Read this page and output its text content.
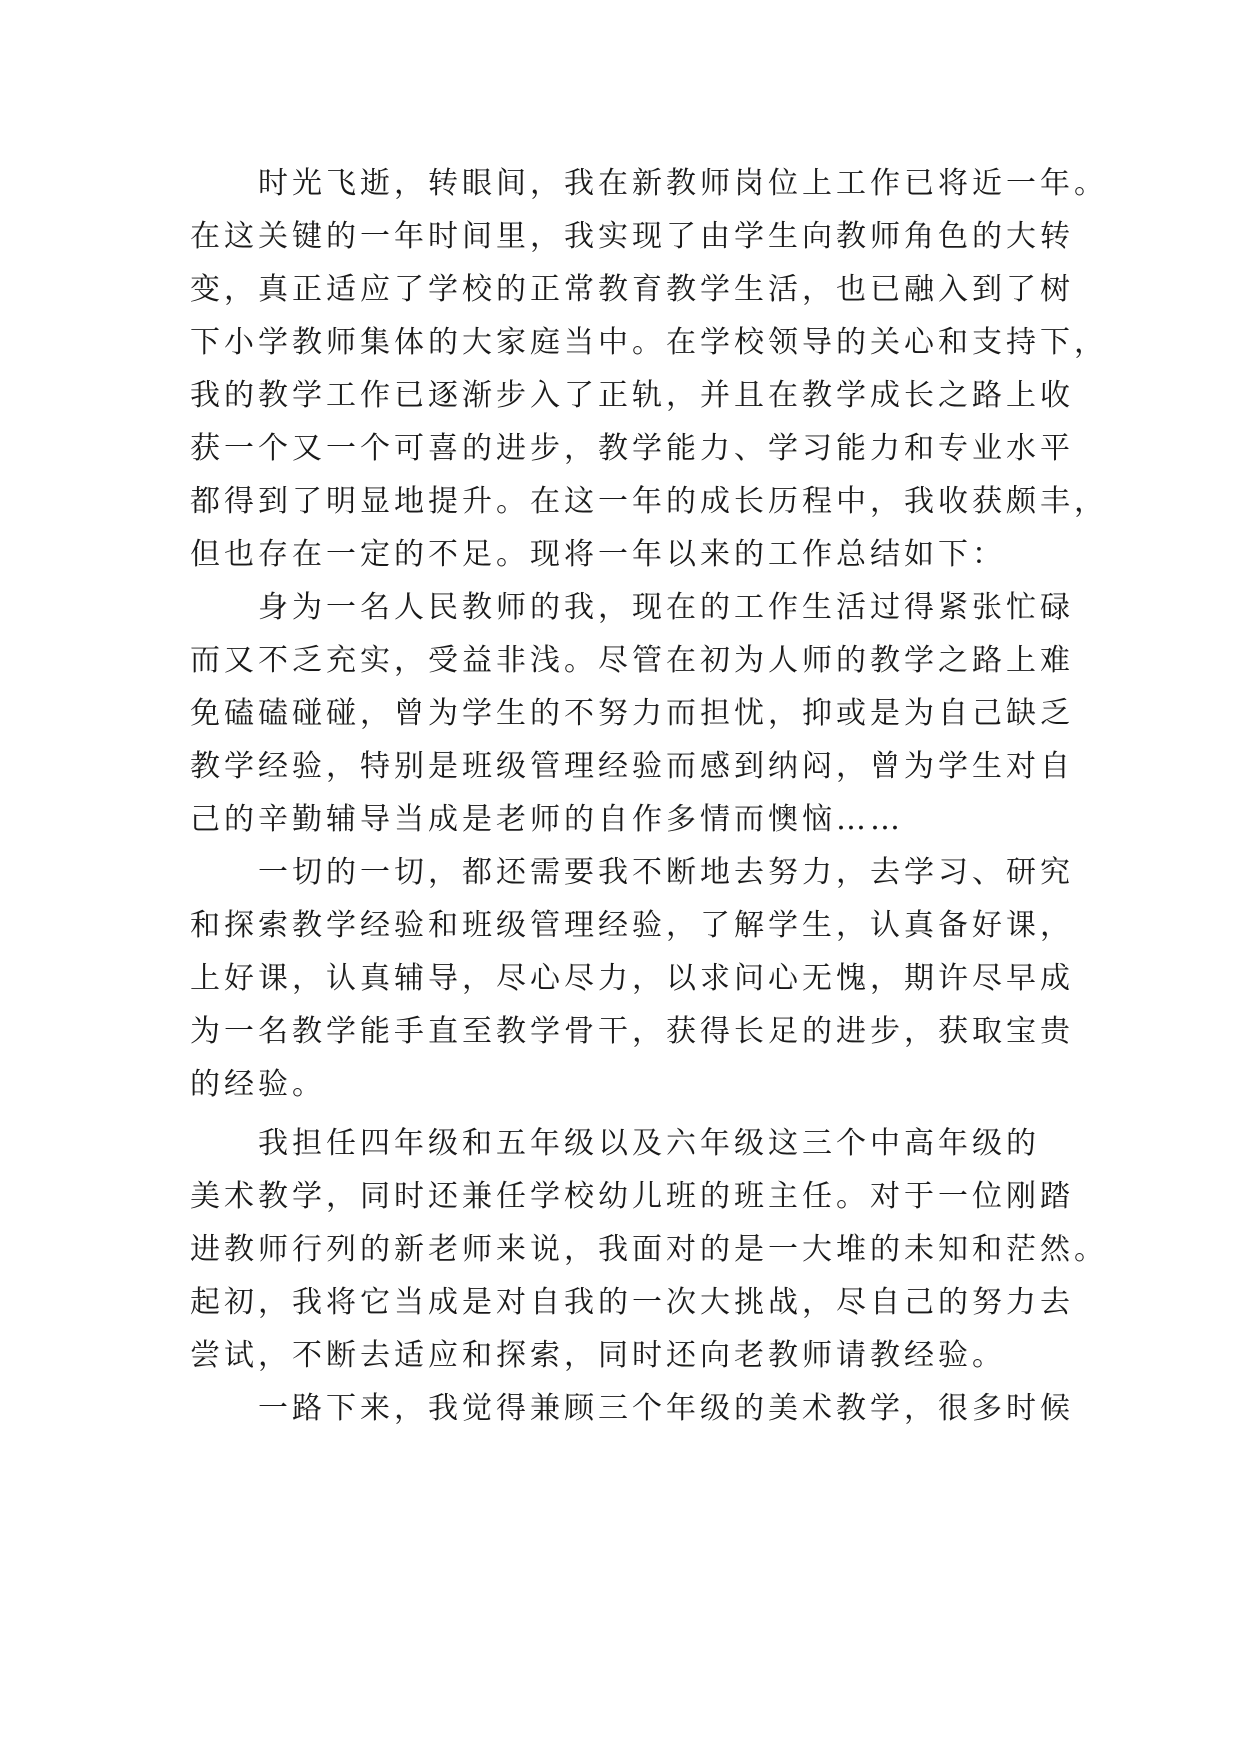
　　时光飞逝，转眼间，我在新教师岗位上工作已将近一年。
在这关键的一年时间里，我实现了由学生向教师角色的大转
变，真正适应了学校的正常教育教学生活，也已融入到了树
下小学教师集体的大家庭当中。在学校领导的关心和支持下，
我的教学工作已逐渐步入了正轨，并且在教学成长之路上收
获一个又一个可喜的进步，教学能力、学习能力和专业水平
都得到了明显地提升。在这一年的成长历程中，我收获颇丰，
但也存在一定的不足。现将一年以来的工作总结如下：
　　身为一名人民教师的我，现在的工作生活过得紧张忙碌
而又不乏充实，受益非浅。尽管在初为人师的教学之路上难
免磕磕碰碰，曾为学生的不努力而担忧，抑或是为自己缺乏
教学经验，特别是班级管理经验而感到纳闷，曾为学生对自
己的辛勤辅导当成是老师的自作多情而懊恼……
　　一切的一切，都还需要我不断地去努力，去学习、研究
和探索教学经验和班级管理经验，了解学生，认真备好课，
上好课，认真辅导，尽心尽力，以求问心无愧，期许尽早成
为一名教学能手直至教学骨干，获得长足的进步，获取宝贵
的经验。
　　我担任四年级和五年级以及六年级这三个中高年级的
美术教学，同时还兼任学校幼儿班的班主任。对于一位刚踏
进教师行列的新老师来说，我面对的是一大堆的未知和茫然。
起初，我将它当成是对自我的一次大挑战，尽自己的努力去
尝试，不断去适应和探索，同时还向老教师请教经验。
　　一路下来，我觉得兼顾三个年级的美术教学，很多时候
